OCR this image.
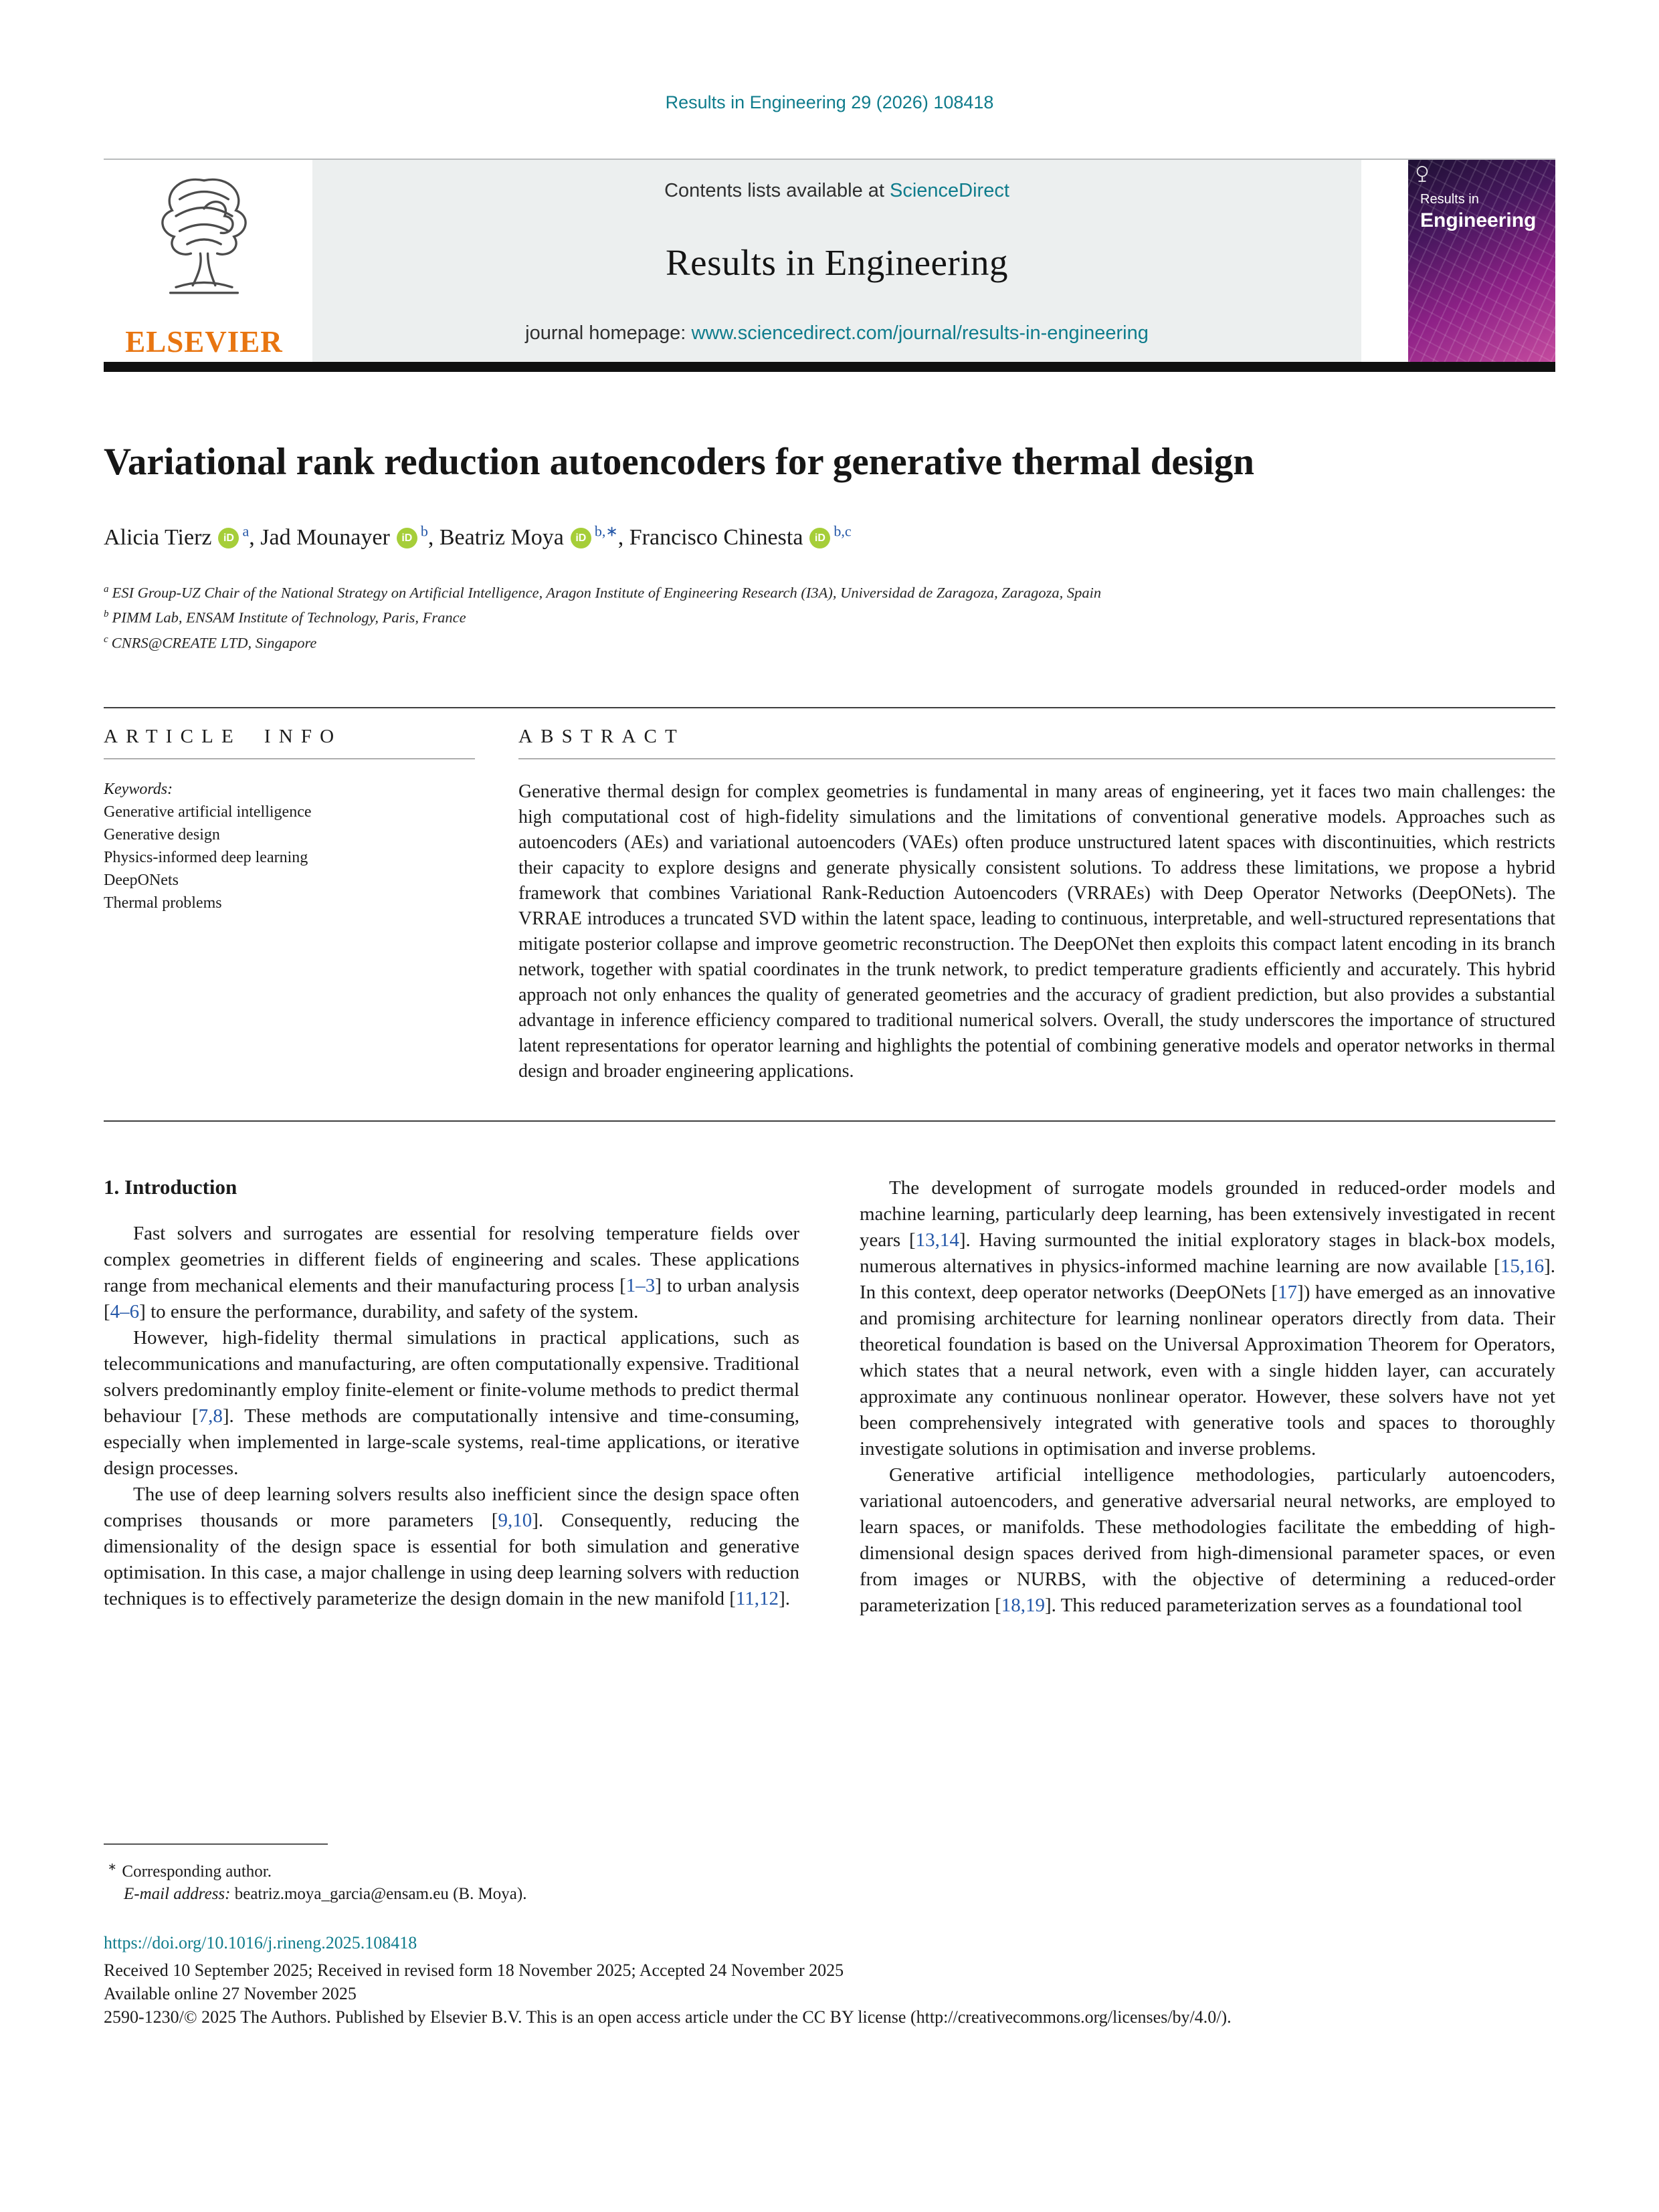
Results in Engineering 29 (2026) 108418
ELSEVIER
Contents lists available at ScienceDirect
Results in Engineering
journal homepage: www.sciencedirect.com/journal/results-in-engineering
Results in
Engineering
Variational rank reduction autoencoders for generative thermal design
Alicia Tierz iD $^a$, Jad Mounayer iD $^b$, Beatriz Moya iD $^{b,∗}$, Francisco Chinesta iD $^{b,c}$
$^a$ ESI Group-UZ Chair of the National Strategy on Artificial Intelligence, Aragon Institute of Engineering Research (I3A), Universidad de Zaragoza, Zaragoza, Spain
$^b$ PIMM Lab, ENSAM Institute of Technology, Paris, France
$^c$ CNRS@CREATE LTD, Singapore
ARTICLE INFO
Keywords:
Generative artificial intelligence
Generative design
Physics-informed deep learning
DeepONets
Thermal problems
ABSTRACT
Generative thermal design for complex geometries is fundamental in many areas of engineering, yet it faces two main challenges: the high computational cost of high-fidelity simulations and the limitations of conventional generative models. Approaches such as autoencoders (AEs) and variational autoencoders (VAEs) often produce unstructured latent spaces with discontinuities, which restricts their capacity to explore designs and generate physically consistent solutions. To address these limitations, we propose a hybrid framework that combines Variational Rank-Reduction Autoencoders (VRRAEs) with Deep Operator Networks (DeepONets). The VRRAE introduces a truncated SVD within the latent space, leading to continuous, interpretable, and well-structured representations that mitigate posterior collapse and improve geometric reconstruction. The DeepONet then exploits this compact latent encoding in its branch network, together with spatial coordinates in the trunk network, to predict temperature gradients efficiently and accurately. This hybrid approach not only enhances the quality of generated geometries and the accuracy of gradient prediction, but also provides a substantial advantage in inference efficiency compared to traditional numerical solvers. Overall, the study underscores the importance of structured latent representations for operator learning and highlights the potential of combining generative models and operator networks in thermal design and broader engineering applications.
1. Introduction

Fast solvers and surrogates are essential for resolving temperature fields over complex geometries in different fields of engineering and scales. These applications range from mechanical elements and their manufacturing process [1–3] to urban analysis [4–6] to ensure the performance, durability, and safety of the system.

However, high-fidelity thermal simulations in practical applications, such as telecommunications and manufacturing, are often computationally expensive. Traditional solvers predominantly employ finite-element or finite-volume methods to predict thermal behaviour [7,8]. These methods are computationally intensive and time-consuming, especially when implemented in large-scale systems, real-time applications, or iterative design processes.

The use of deep learning solvers results also inefficient since the design space often comprises thousands or more parameters [9,10]. Consequently, reducing the dimensionality of the design space is essential for both simulation and generative optimisation. In this case, a major challenge in using deep learning solvers with reduction techniques is to effectively parameterize the design domain in the new manifold [11,12].

The development of surrogate models grounded in reduced-order models and machine learning, particularly deep learning, has been extensively investigated in recent years [13,14]. Having surmounted the initial exploratory stages in black-box models, numerous alternatives in physics-informed machine learning are now available [15,16]. In this context, deep operator networks (DeepONets [17]) have emerged as an innovative and promising architecture for learning nonlinear operators directly from data. Their theoretical foundation is based on the Universal Approximation Theorem for Operators, which states that a neural network, even with a single hidden layer, can accurately approximate any continuous nonlinear operator. However, these solvers have not yet been comprehensively integrated with generative tools and spaces to thoroughly investigate solutions in optimisation and inverse problems.

Generative artificial intelligence methodologies, particularly autoencoders, variational autoencoders, and generative adversarial neural networks, are employed to learn spaces, or manifolds. These methodologies facilitate the embedding of high-dimensional design spaces derived from high-dimensional parameter spaces, or even from images or NURBS, with the objective of determining a reduced-order parameterization [18,19]. This reduced parameterization serves as a foundational tool

∗ Corresponding author.
E-mail address: beatriz.moya_garcia@ensam.eu (B. Moya).
https://doi.org/10.1016/j.rineng.2025.108418
Received 10 September 2025; Received in revised form 18 November 2025; Accepted 24 November 2025
Available online 27 November 2025
2590-1230/© 2025 The Authors. Published by Elsevier B.V. This is an open access article under the CC BY license (http://creativecommons.org/licenses/by/4.0/).
